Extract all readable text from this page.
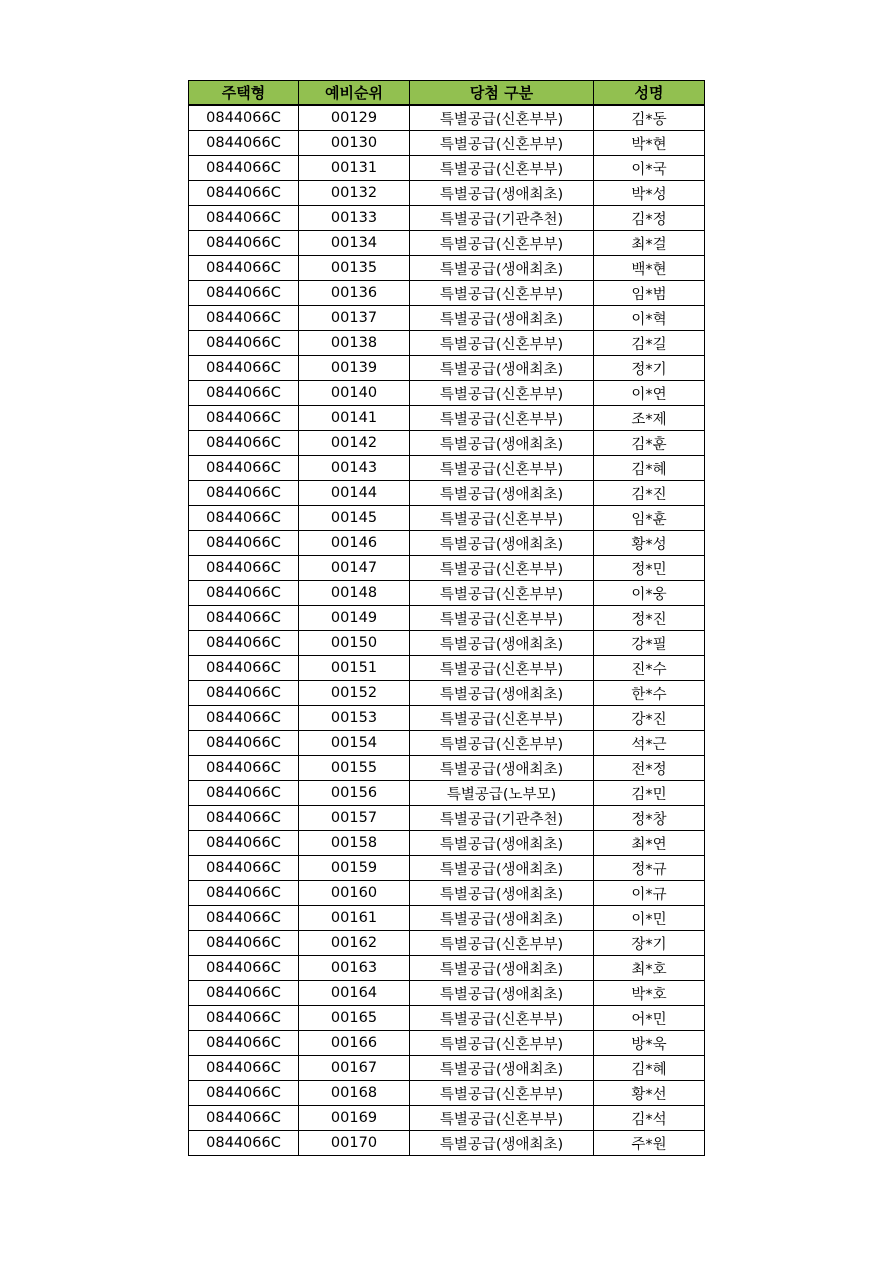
주택형	예비순위	당첨 구분	성명
0844066C	00129	특별공급(신혼부부)	김*동
0844066C	00130	특별공급(신혼부부)	박*현
0844066C	00131	특별공급(신혼부부)	이*국
0844066C	00132	특별공급(생애최초)	박*성
0844066C	00133	특별공급(기관추천)	김*정
0844066C	00134	특별공급(신혼부부)	최*걸
0844066C	00135	특별공급(생애최초)	백*현
0844066C	00136	특별공급(신혼부부)	임*범
0844066C	00137	특별공급(생애최초)	이*혁
0844066C	00138	특별공급(신혼부부)	김*길
0844066C	00139	특별공급(생애최초)	정*기
0844066C	00140	특별공급(신혼부부)	이*연
0844066C	00141	특별공급(신혼부부)	조*제
0844066C	00142	특별공급(생애최초)	김*훈
0844066C	00143	특별공급(신혼부부)	김*혜
0844066C	00144	특별공급(생애최초)	김*진
0844066C	00145	특별공급(신혼부부)	임*훈
0844066C	00146	특별공급(생애최초)	황*성
0844066C	00147	특별공급(신혼부부)	정*민
0844066C	00148	특별공급(신혼부부)	이*웅
0844066C	00149	특별공급(신혼부부)	정*진
0844066C	00150	특별공급(생애최초)	강*필
0844066C	00151	특별공급(신혼부부)	진*수
0844066C	00152	특별공급(생애최초)	한*수
0844066C	00153	특별공급(신혼부부)	강*진
0844066C	00154	특별공급(신혼부부)	석*근
0844066C	00155	특별공급(생애최초)	전*정
0844066C	00156	특별공급(노부모)	김*민
0844066C	00157	특별공급(기관추천)	정*창
0844066C	00158	특별공급(생애최초)	최*연
0844066C	00159	특별공급(생애최초)	정*규
0844066C	00160	특별공급(생애최초)	이*규
0844066C	00161	특별공급(생애최초)	이*민
0844066C	00162	특별공급(신혼부부)	장*기
0844066C	00163	특별공급(생애최초)	최*호
0844066C	00164	특별공급(생애최초)	박*호
0844066C	00165	특별공급(신혼부부)	어*민
0844066C	00166	특별공급(신혼부부)	방*욱
0844066C	00167	특별공급(생애최초)	김*혜
0844066C	00168	특별공급(신혼부부)	황*선
0844066C	00169	특별공급(신혼부부)	김*석
0844066C	00170	특별공급(생애최초)	주*원
